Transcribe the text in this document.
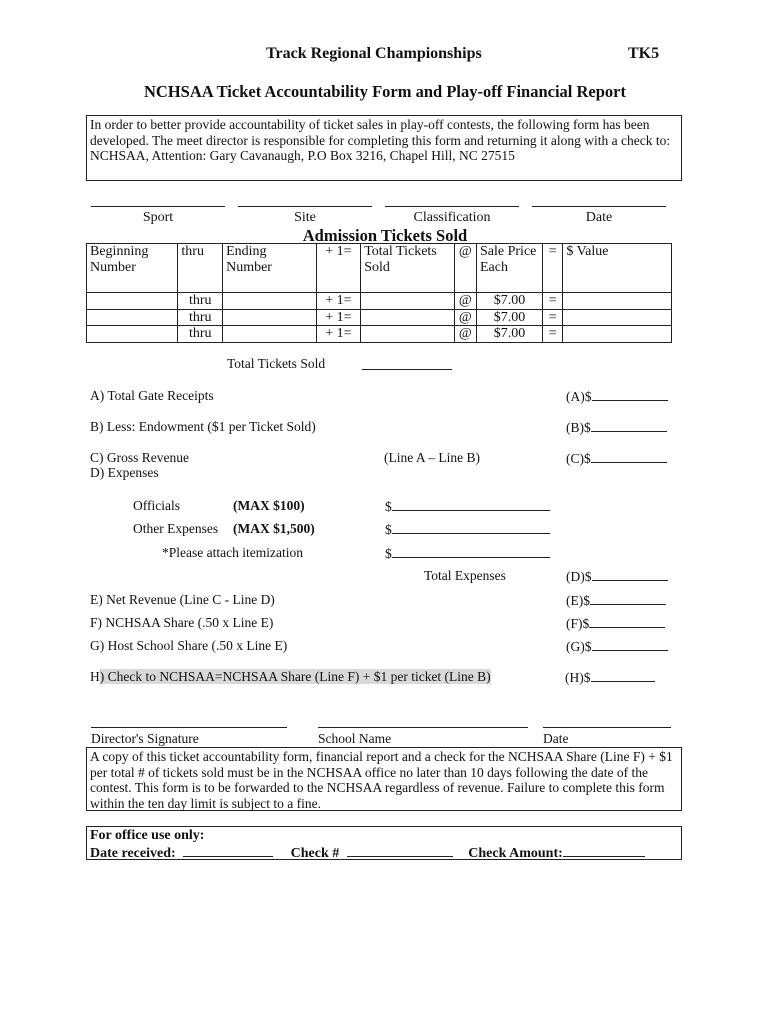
Track Regional Championships	TK5
NCHSAA Ticket Accountability Form and Play-off Financial Report
In order to better provide accountability of ticket sales in play-off contests, the following form has been developed. The meet director is responsible for completing this form and returning it along with a check to:
NCHSAA, Attention: Gary Cavanaugh, P.O Box 3216, Chapel Hill, NC 27515
Sport	Site	Classification	Date
Admission Tickets Sold
Beginning Number	thru	Ending Number	+ 1=	Total Tickets Sold	@	Sale Price Each	=	$ Value
	thru		+ 1=		@	$7.00	=	
	thru		+ 1=		@	$7.00	=	
	thru		+ 1=		@	$7.00	=	
Total Tickets Sold
A) Total Gate Receipts	(A)$
B) Less: Endowment ($1 per Ticket Sold)	(B)$
C) Gross Revenue	(Line A – Line B)	(C)$
D) Expenses
Officials	(MAX $100)	$
Other Expenses (MAX $1,500)	$
*Please attach itemization	$
Total Expenses	(D)$
E) Net Revenue (Line C - Line D)	(E)$
F) NCHSAA Share (.50 x Line E)	(F)$
G) Host School Share (.50 x Line E)	(G)$
H) Check to NCHSAA=NCHSAA Share (Line F) + $1 per ticket (Line B)	(H)$
Director's Signature	School Name	Date
A copy of this ticket accountability form, financial report and a check for the NCHSAA Share (Line F) + $1 per total # of tickets sold must be in the NCHSAA office no later than 10 days following the date of the contest. This form is to be forwarded to the NCHSAA regardless of revenue. Failure to complete this form within the ten day limit is subject to a fine.
For office use only:
Date received:	Check #	Check Amount:
